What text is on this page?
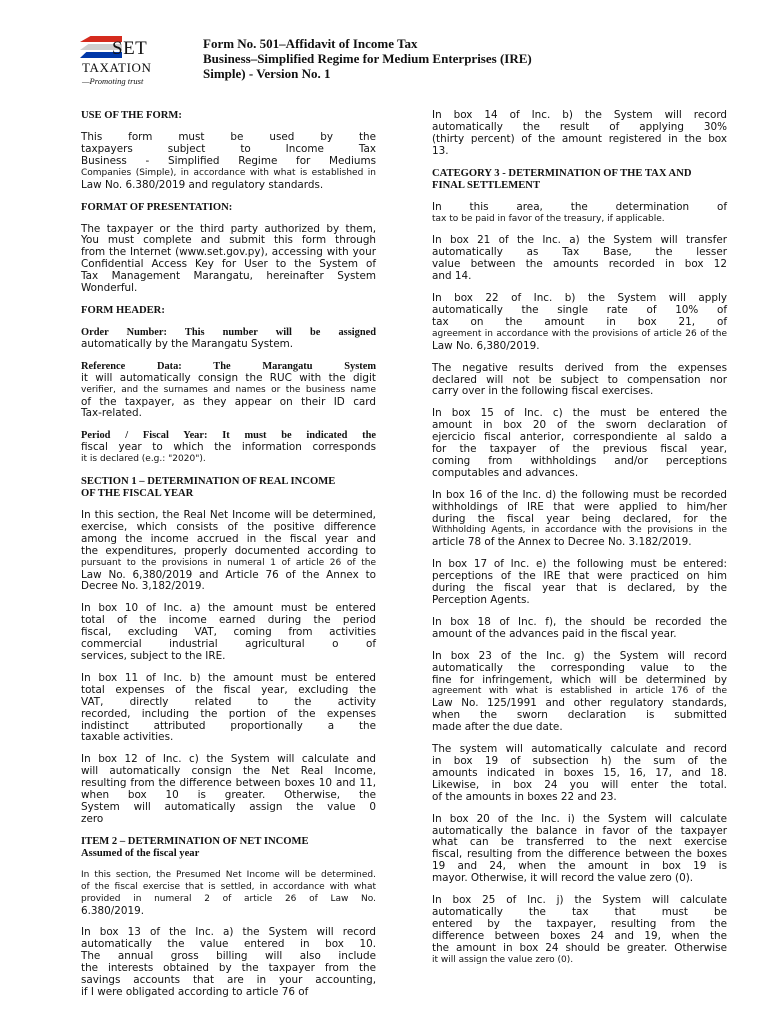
SET
TAXATION
—Promoting trust
Form No. 501–Affidavit of Income Tax
Business–Simplified Regime for Medium Enterprises (IRE)
Simple) - Version No. 1
USE OF THE FORM:

This form must be used by the
taxpayers subject to Income Tax
Business - Simplified Regime for Mediums
Companies (Simple), in accordance with what is established in
Law No. 6.380/2019 and regulatory standards.

FORMAT OF PRESENTATION:

The taxpayer or the third party authorized by them,
You must complete and submit this form through
from the Internet (www.set.gov.py), accessing with your
Confidential Access Key for User to the System of
Tax Management Marangatu, hereinafter System
Wonderful.

FORM HEADER:

Order Number: This number will be assigned
automatically by the Marangatu System.

Reference Data: The Marangatu System
it will automatically consign the RUC with the digit
verifier, and the surnames and names or the business name
of the taxpayer, as they appear on their ID card
Tax-related.

Period / Fiscal Year: It must be indicated the
fiscal year to which the information corresponds
it is declared (e.g.: "2020").

SECTION 1 – DETERMINATION OF REAL INCOME
OF THE FISCAL YEAR

In this section, the Real Net Income will be determined,
exercise, which consists of the positive difference
among the income accrued in the fiscal year and
the expenditures, properly documented according to
pursuant to the provisions in numeral 1 of article 26 of the
Law No. 6,380/2019 and Article 76 of the Annex to
Decree No. 3,182/2019.

In box 10 of Inc. a) the amount must be entered
total of the income earned during the period
fiscal, excluding VAT, coming from activities
commercial industrial agricultural o of
services, subject to the IRE.

In box 11 of Inc. b) the amount must be entered
total expenses of the fiscal year, excluding the
VAT, directly related to the activity
recorded, including the portion of the expenses
indistinct attributed proportionally a the
taxable activities.

In box 12 of Inc. c) the System will calculate and
will automatically consign the Net Real Income,
resulting from the difference between boxes 10 and 11,
when box 10 is greater. Otherwise, the
System will automatically assign the value 0
zero

ITEM 2 – DETERMINATION OF NET INCOME
Assumed of the fiscal year

In this section, the Presumed Net Income will be determined.
of the fiscal exercise that is settled, in accordance with what
provided in numeral 2 of article 26 of Law No.
6.380/2019.

In box 13 of the Inc. a) the System will record
automatically the value entered in box 10.
The annual gross billing will also include
the interests obtained by the taxpayer from the
savings accounts that are in your accounting,
if I were obligated according to article 76 of

In box 14 of Inc. b) the System will record
automatically the result of applying 30%
(thirty percent) of the amount registered in the box
13.

CATEGORY 3 - DETERMINATION OF THE TAX AND
FINAL SETTLEMENT

In this area, the determination of
tax to be paid in favor of the treasury, if applicable.

In box 21 of the Inc. a) the System will transfer
automatically as Tax Base, the lesser
value between the amounts recorded in box 12
and 14.

In box 22 of Inc. b) the System will apply
automatically the single rate of 10% of
tax on the amount in box 21, of
agreement in accordance with the provisions of article 26 of the
Law No. 6,380/2019.

The negative results derived from the expenses
declared will not be subject to compensation nor
carry over in the following fiscal exercises.

In box 15 of Inc. c) the must be entered the
amount in box 20 of the sworn declaration of
ejercicio fiscal anterior, correspondiente al saldo a
for the taxpayer of the previous fiscal year,
coming from withholdings and/or perceptions
computables and advances.

In box 16 of the Inc. d) the following must be recorded
withholdings of IRE that were applied to him/her
during the fiscal year being declared, for the
Withholding Agents, in accordance with the provisions in the
article 78 of the Annex to Decree No. 3.182/2019.

In box 17 of Inc. e) the following must be entered:
perceptions of the IRE that were practiced on him
during the fiscal year that is declared, by the
Perception Agents.

In box 18 of Inc. f), the should be recorded the
amount of the advances paid in the fiscal year.

In box 23 of the Inc. g) the System will record
automatically the corresponding value to the
fine for infringement, which will be determined by
agreement with what is established in article 176 of the
Law No. 125/1991 and other regulatory standards,
when the sworn declaration is submitted
made after the due date.

The system will automatically calculate and record
in box 19 of subsection h) the sum of the
amounts indicated in boxes 15, 16, 17, and 18.
Likewise, in box 24 you will enter the total.
of the amounts in boxes 22 and 23.

In box 20 of the Inc. i) the System will calculate
automatically the balance in favor of the taxpayer
what can be transferred to the next exercise
fiscal, resulting from the difference between the boxes
19 and 24, when the amount in box 19 is
mayor. Otherwise, it will record the value zero (0).

In box 25 of Inc. j) the System will calculate
automatically the tax that must be
entered by the taxpayer, resulting from the
difference between boxes 24 and 19, when the
the amount in box 24 should be greater. Otherwise
it will assign the value zero (0).
